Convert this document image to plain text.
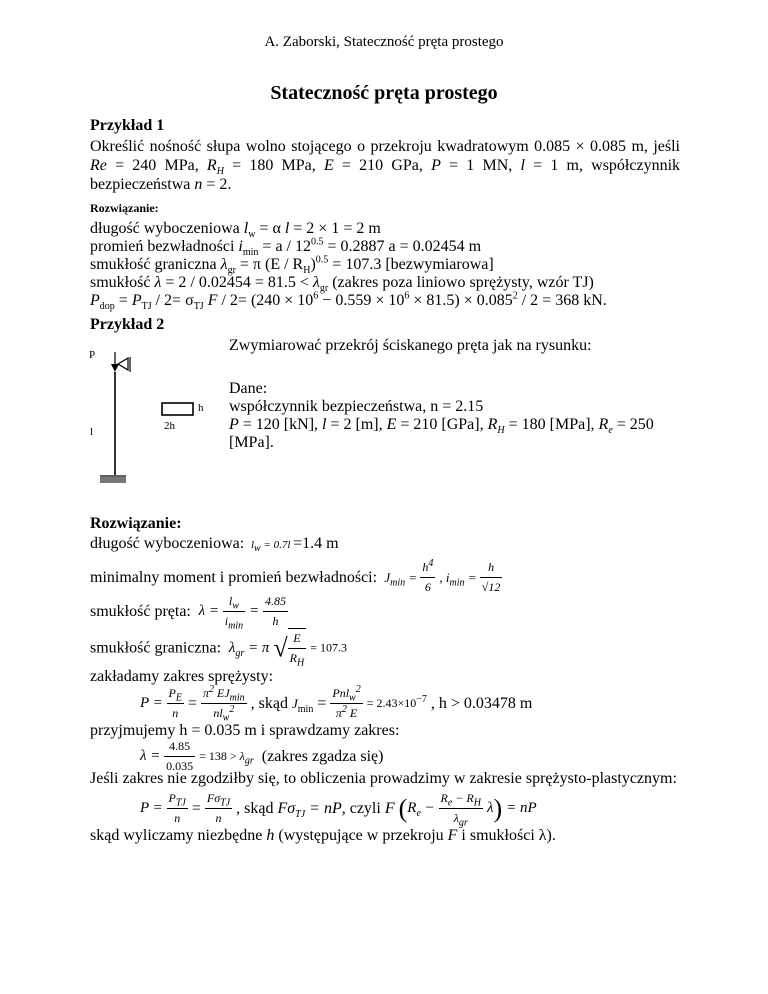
A. Zaborski, Stateczność pręta prostego
Stateczność pręta prostego
Przykład 1
Określić nośność słupa wolno stojącego o przekroju kwadratowym 0.085 × 0.085 m, jeśli
Re = 240 MPa, $R_H = 180$ MPa, E = 210 GPa, P = 1 MN, l = 1 m, współczynnik
bezpieczeństwa n = 2.
Rozwiązanie:
długość wyboczeniowa $l_w = \alpha$ l = 2 × 1 = 2 m
promień bezwładności $i_{min} = a / 12^{0.5} = 0.2887$ a = 0.02454 m
smukłość graniczna $\lambda_{gr} = \pi$ $(E / R_H)^{0.5} = 107.3$ [bezwymiarowa]
smukłość $\lambda = 2 / 0.02454 = 81.5 < \lambda_{gr}$ (zakres poza liniowo sprężysty, wzór TJ)
$P_{dop} = P_{TJ} / 2= \sigma_{TJ}$ $F / 2= (240 \times 10^6 - 0.559 \times 10^6 \times 81.5) \times 0.085^2 / 2 = 368$ kN.
Przykład 2
Zwymiarować przekrój ściskanego pręta jak na rysunku:
P
l
h
2h
Dane:
współczynnik bezpieczeństwa, n = 2.15
P = 120 [kN], l = 2 [m], E = 210 [GPa], $R_H = 180$ [MPa], $R_e = 250$
[MPa].
Rozwiązanie:
długość wyboczeniowa:  $l_w = 0.7l =1.4$ m
minimalny moment i promień bezwładności:  $J_{min} = \frac{h^4}{6}$ , $i_{min} = \frac{h}{√12}$
smukłość pręta:  $\lambda = \frac{l_w}{i_{min}} = \frac{4.85}{h}$
smukłość graniczna:  $\lambda_{gr} = \pi$ √ $\frac{E}{R_H} = 107.3$
zakładamy zakres sprężysty:
$P = \frac{P_E}{n} = \frac{\pi^2 EJ_{min}}{nl_w^2}$ , skąd $J_{min} = \frac{Pnl_w^2}{\pi^2 E} = 2.43\times 10^{-7}$ , h > 0.03478 m
przyjmujemy h = 0.035 m i sprawdzamy zakres:
$\lambda = \frac{4.85}{0.035} = 138 > \lambda_{gr}$  (zakres zgadza się)
Jeśli zakres nie zgodziłby się, to obliczenia prowadzimy w zakresie sprężysto-plastycznym:
$P = \frac{P_{TJ}}{n} = \frac{F\sigma_{TJ}}{n}$ , skąd $F\sigma_{TJ}$ = nP, czyli F $(R_e - \frac{R_e - R_H}{\lambda_{gr}} \lambda)$ = nP
skąd wyliczamy niezbędne h (występujące w przekroju F i smukłości λ).
